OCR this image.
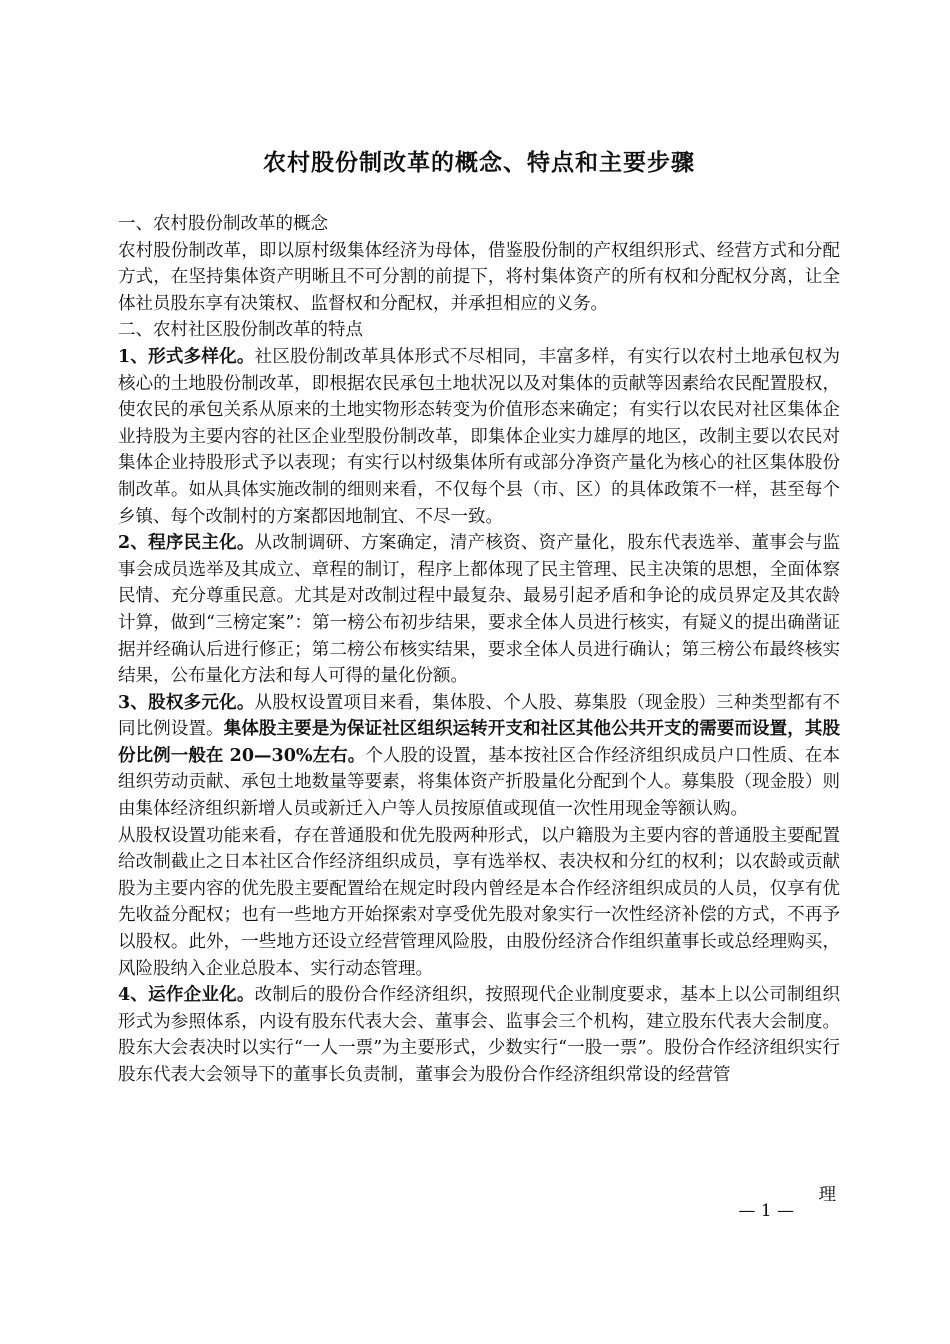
农村股份制改革的概念、特点和主要步骤

一、农村股份制改革的概念

农村股份制改革，即以原村级集体经济为母体，借鉴股份制的产权组织形式、经营方式和分配方式，在坚持集体资产明晰且不可分割的前提下，将村集体资产的所有权和分配权分离，让全体社员股东享有决策权、监督权和分配权，并承担相应的义务。

二、农村社区股份制改革的特点

1、形式多样化。社区股份制改革具体形式不尽相同，丰富多样，有实行以农村土地承包权为核心的土地股份制改革，即根据农民承包土地状况以及对集体的贡献等因素给农民配置股权，使农民的承包关系从原来的土地实物形态转变为价值形态来确定；有实行以农民对社区集体企业持股为主要内容的社区企业型股份制改革，即集体企业实力雄厚的地区，改制主要以农民对集体企业持股形式予以表现；有实行以村级集体所有或部分净资产量化为核心的社区集体股份制改革。如从具体实施改制的细则来看，不仅每个县（市、区）的具体政策不一样，甚至每个乡镇、每个改制村的方案都因地制宜、不尽一致。

2、程序民主化。从改制调研、方案确定，清产核资、资产量化，股东代表选举、董事会与监事会成员选举及其成立、章程的制订，程序上都体现了民主管理、民主决策的思想，全面体察民情、充分尊重民意。尤其是对改制过程中最复杂、最易引起矛盾和争论的成员界定及其农龄计算，做到“三榜定案”：第一榜公布初步结果，要求全体人员进行核实，有疑义的提出确凿证据并经确认后进行修正；第二榜公布核实结果，要求全体人员进行确认；第三榜公布最终核实结果，公布量化方法和每人可得的量化份额。

3、股权多元化。从股权设置项目来看，集体股、个人股、募集股（现金股）三种类型都有不同比例设置。集体股主要是为保证社区组织运转开支和社区其他公共开支的需要而设置，其股份比例一般在 20—30%左右。个人股的设置，基本按社区合作经济组织成员户口性质、在本组织劳动贡献、承包土地数量等要素，将集体资产折股量化分配到个人。募集股（现金股）则由集体经济组织新增人员或新迁入户等人员按原值或现值一次性用现金等额认购。

从股权设置功能来看，存在普通股和优先股两种形式，以户籍股为主要内容的普通股主要配置给改制截止之日本社区合作经济组织成员，享有选举权、表决权和分红的权利；以农龄或贡献股为主要内容的优先股主要配置给在规定时段内曾经是本合作经济组织成员的人员，仅享有优先收益分配权；也有一些地方开始探索对享受优先股对象实行一次性经济补偿的方式，不再予以股权。此外，一些地方还设立经营管理风险股，由股份经济合作组织董事长或总经理购买，风险股纳入企业总股本、实行动态管理。

4、运作企业化。改制后的股份合作经济组织，按照现代企业制度要求，基本上以公司制组织形式为参照体系，内设有股东代表大会、董事会、监事会三个机构，建立股东代表大会制度。股东大会表决时以实行“一人一票”为主要形式，少数实行“一股一票”。股份合作经济组织实行股东代表大会领导下的董事长负责制，董事会为股份合作经济组织常设的经营管

理
— 1 —
